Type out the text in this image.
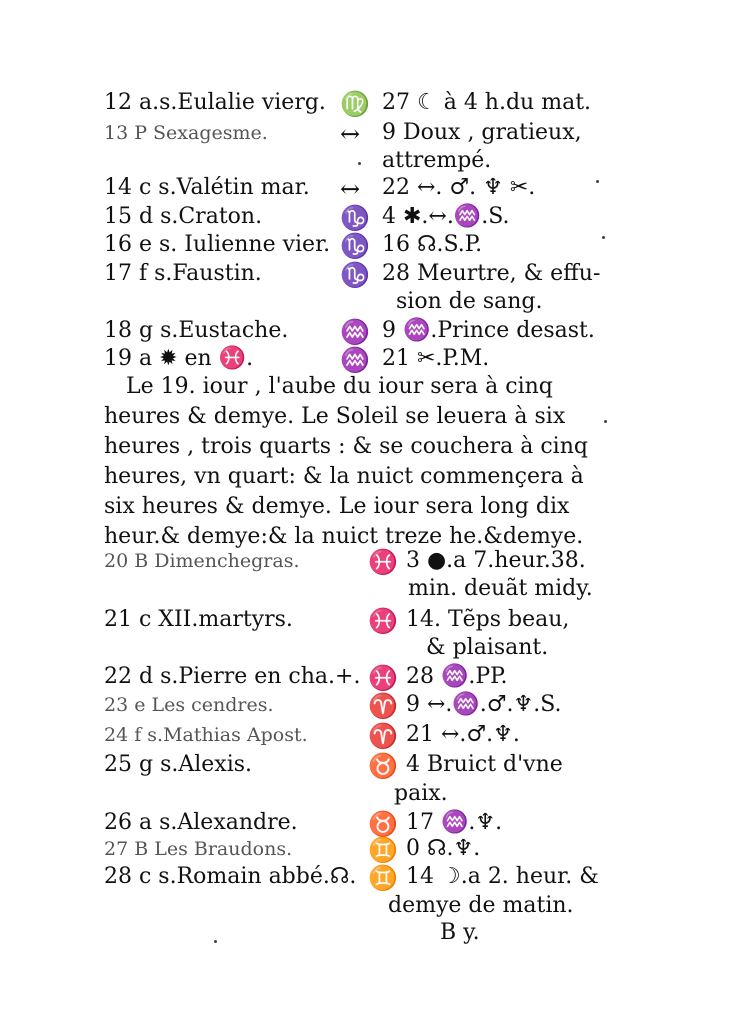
12 a.s.Eulalie vierg. ♍ 27 ☾ à 4 h.du mat.
13 P Sexagesme.	↔ 9 Doux , gratieux,
attrempé.
14 c s.Valétin mar. ↔ 22 ↔. ♂. ♆ ✂.
15 d s.Craton.	♑ 4 ✱.↔.♒.S.
16 e s. Iulienne vier. ♑ 16 ☊.S.P.
17 f s.Faustin.	♑ 28 Meurtre, & effu-
sion de sang.
18 g s.Eustache. ♒ 9 ♒.Prince desast.
19 a ✹ en ♓.	♒ 21 ✂.P.M.
Le 19. iour , l'aube du iour sera à cinq
heures & demye. Le Soleil se leuera à six
heures , trois quarts : & se couchera à cinq
heures, vn quart: & la nuict commençera à
six heures & demye. Le iour sera long dix
heur.& demye:& la nuict treze he.&demye.
20 B Dimenchegras.	♓ 3 ●.a 7.heur.38.
min. deuãt midy.
21 c XII.martyrs.	♓ 14. Tẽps beau,
& plaisant.
22 d s.Pierre en cha.+. ♓ 28 ♒.PP.
23 e Les cendres.	♈ 9 ↔.♒.♂.♆.S.
24 f s.Mathias Apost.	♈ 21 ↔.♂.♆.
25 g s.Alexis.	♉ 4 Bruict d'vne
paix.
26 a s.Alexandre.	♉ 17 ♒.♆.
27 B Les Braudons.	♊ 0 ☊.♆.
28 c s.Romain abbé.☊. ♊ 14 ☽.a 2. heur. &
demye de matin.
B y.
